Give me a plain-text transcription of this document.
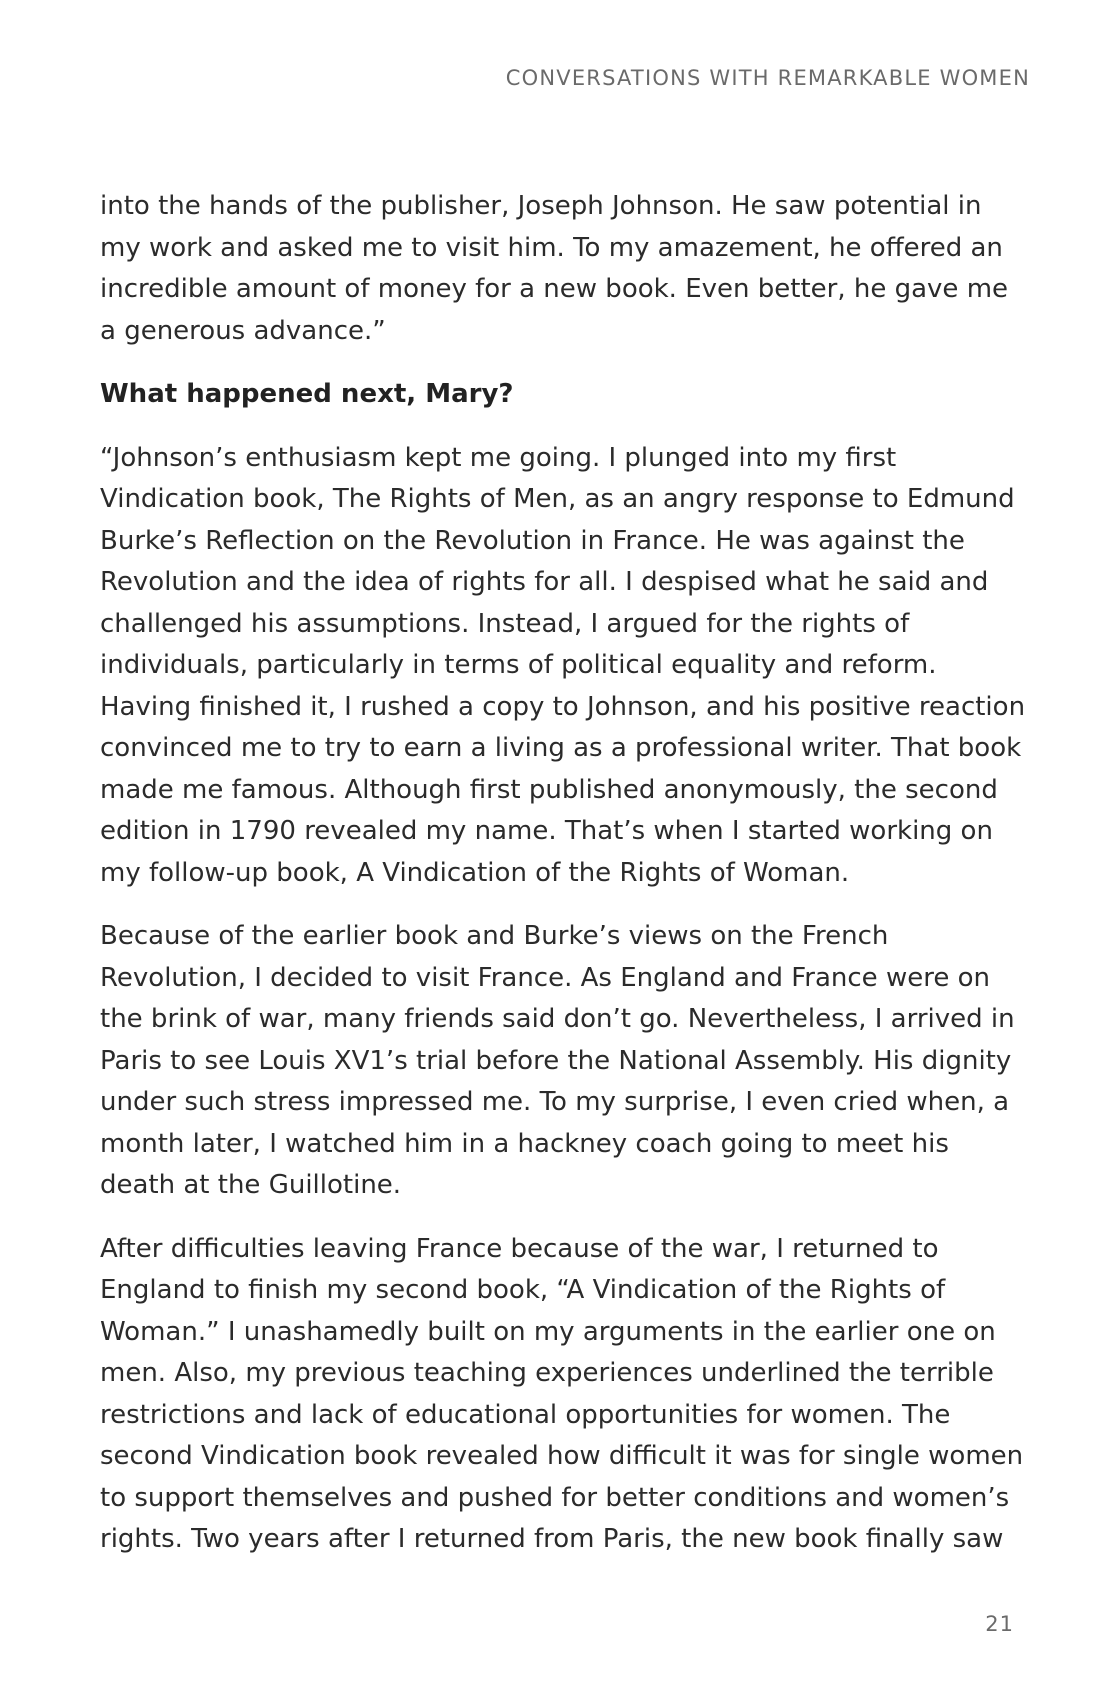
CONVERSATIONS WITH REMARKABLE WOMEN

into the hands of the publisher, Joseph Johnson. He saw potential in my work and asked me to visit him. To my amazement, he offered an incredible amount of money for a new book. Even better, he gave me a generous advance.”

What happened next, Mary?

“Johnson’s enthusiasm kept me going. I plunged into my first Vindication book, The Rights of Men, as an angry response to Edmund Burke’s Reflection on the Revolution in France. He was against the Revolution and the idea of rights for all. I despised what he said and challenged his assumptions. Instead, I argued for the rights of individuals, particularly in terms of political equality and reform. Having finished it, I rushed a copy to Johnson, and his positive reaction convinced me to try to earn a living as a professional writer. That book made me famous. Although first published anonymously, the second edition in 1790 revealed my name. That’s when I started working on my follow-up book, A Vindication of the Rights of Woman.

Because of the earlier book and Burke’s views on the French Revolution, I decided to visit France. As England and France were on the brink of war, many friends said don’t go. Nevertheless, I arrived in Paris to see Louis XV1’s trial before the National Assembly. His dignity under such stress impressed me. To my surprise, I even cried when, a month later, I watched him in a hackney coach going to meet his death at the Guillotine.

After difficulties leaving France because of the war, I returned to England to finish my second book, “A Vindication of the Rights of Woman.” I unashamedly built on my arguments in the earlier one on men. Also, my previous teaching experiences underlined the terrible restrictions and lack of educational opportunities for women. The second Vindication book revealed how difficult it was for single women to support themselves and pushed for better conditions and women’s rights. Two years after I returned from Paris, the new book finally saw

21
